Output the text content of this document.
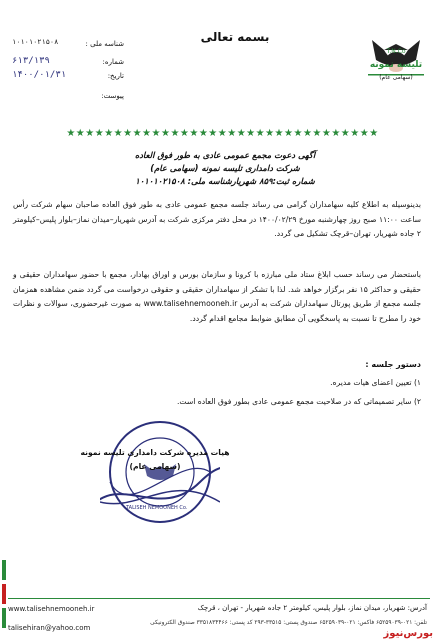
T.N.Co
تلیسه نمونه
(سهامی عام)
بسمه تعالی
شناسه ملی :
۱۰۱۰۱۰۲۱۵۰۸
شماره:
۶۱۳/۱۳۹
تاریخ:
۱۴۰۰/۰۱/۳۱
پیوست:
★★★★★★★★★★★★★★★★★★★★★★★★★★★★★★★★★
آگهی دعوت مجمع عمومی عادی به طور فوق العاده
شرکت دامداری تلیسه نمونه (سهامی عام)
شماره ثبت:۸۵۹ شهریارشناسه ملی: ۱۰۱۰۱۰۲۱۵۰۸
بدینوسیله به اطلاع کلیه سهامداران گرامی می رساند جلسه مجمع عمومی عادی به طور فوق العاده صاحبان سهام شرکت رأس ساعت ۱۱:۰۰ صبح روز چهارشنبه مورخ ۱۴۰۰/۰۲/۲۹ در محل دفتر مرکزی شرکت به آدرس شهریار–میدان نماز–بلوار پلیس–کیلومتر ۲ جاده شهریار، تهران–قرچک تشکیل می گردد.
باستحضار می رساند حسب ابلاغ ستاد ملی مبارزه با کرونا و سازمان بورس و اوراق بهادار، مجمع با حضور سهامداران حقیقی و حقیقی و حداکثر ۱۵ نفر برگزار خواهد شد. لذا با تشکر از سهامداران حقیقی و حقوقی درخواست می گردد ضمن مشاهده همزمان جلسه مجمع از طریق پورتال سهامداران شرکت به آدرس www.talisehnemooneh.ir به صورت غیرحضوری، سوالات و نظرات خود را مطرح تا نسبت به پاسخگویی آن مطابق ضوابط مجامع اقدام گردد.
دستور جلسه :
۱) تعیین اعضای هیات مدیره.
۲) سایر تصمیماتی که در صلاحیت مجمع عمومی عادی بطور فوق العاده است.
TALISEH NEMOONEH Co.
هیات مدیره شرکت دامداری تلیسه نمونه
(سهامی عام)
آدرس: شهریار، میدان نماز، بلوار پلیس، کیلومتر ۲ جاده شهریار - تهران ، قرچک
تلفن: ۰۲۱-۶۵۲۵۹۰۳۹ فاکس: ۰۲۱-۶۵۲۵۹۰۳۹ صندوق پستی: ۳۳۵۱۵-۲۹۳ کد پستی: ۳۳۵۱۸۳۴۴۶۶ صندوق الکترونیکی
www.talisehnemooneh.ir
talisehiran@yahoo.com	بورس‌نیوز
